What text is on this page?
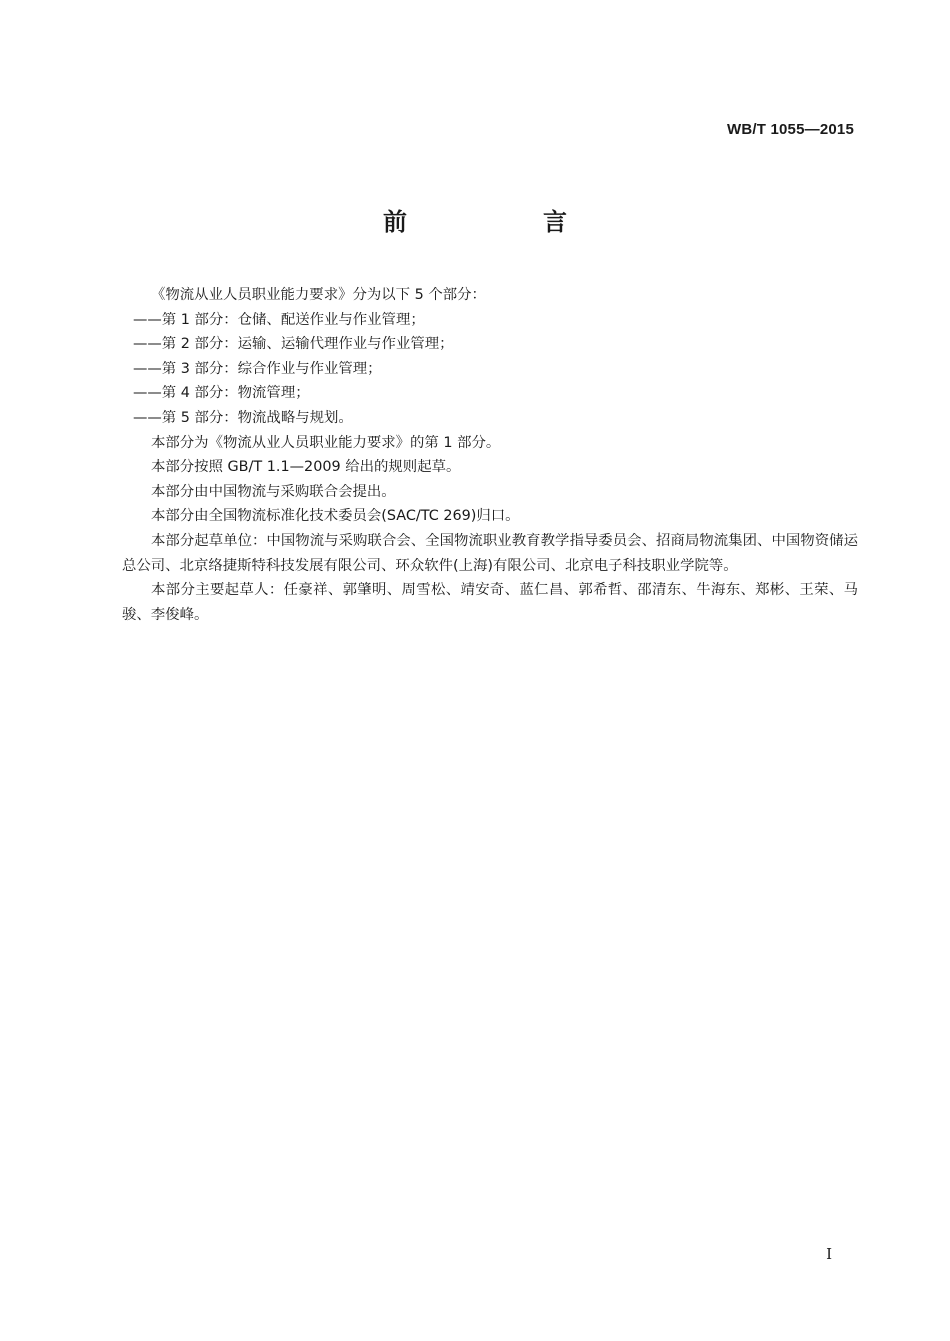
WB/T 1055—2015
前　言

《物流从业人员职业能力要求》分为以下 5 个部分：

——第 1 部分：仓储、配送作业与作业管理；

——第 2 部分：运输、运输代理作业与作业管理；

——第 3 部分：综合作业与作业管理；

——第 4 部分：物流管理；

——第 5 部分：物流战略与规划。

本部分为《物流从业人员职业能力要求》的第 1 部分。

本部分按照 GB/T 1.1—2009 给出的规则起草。

本部分由中国物流与采购联合会提出。

本部分由全国物流标准化技术委员会(SAC/TC 269)归口。

本部分起草单位：中国物流与采购联合会、全国物流职业教育教学指导委员会、招商局物流集团、中国物资储运总公司、北京络捷斯特科技发展有限公司、环众软件(上海)有限公司、北京电子科技职业学院等。

本部分主要起草人：任豪祥、郭肇明、周雪松、靖安奇、蓝仁昌、郭希哲、邵清东、牛海东、郑彬、王荣、马骏、李俊峰。

I
